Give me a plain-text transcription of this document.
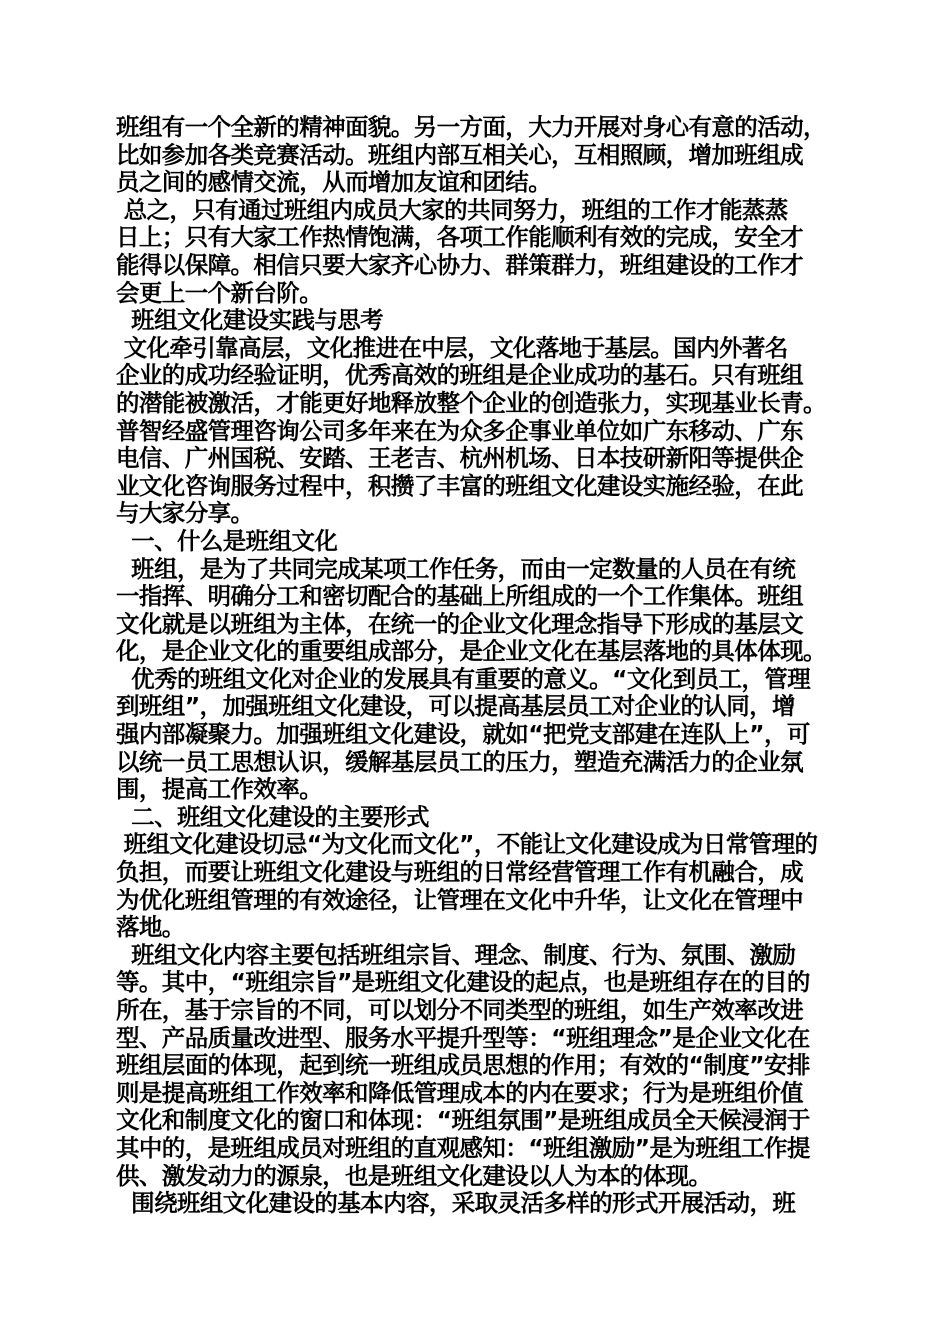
班组有一个全新的精神面貌。另一方面，大力开展对身心有意的活动，
比如参加各类竞赛活动。班组内部互相关心，互相照顾，增加班组成
员之间的感情交流，从而增加友谊和团结。
总之，只有通过班组内成员大家的共同努力，班组的工作才能蒸蒸
日上；只有大家工作热情饱满，各项工作能顺利有效的完成，安全才
能得以保障。相信只要大家齐心协力、群策群力，班组建设的工作才
会更上一个新台阶。
班组文化建设实践与思考
文化牵引靠高层，文化推进在中层，文化落地于基层。国内外著名
企业的成功经验证明，优秀高效的班组是企业成功的基石。只有班组
的潜能被激活，才能更好地释放整个企业的创造张力，实现基业长青。
普智经盛管理咨询公司多年来在为众多企事业单位如广东移动、广东
电信、广州国税、安踏、王老吉、杭州机场、日本技研新阳等提供企
业文化咨询服务过程中，积攒了丰富的班组文化建设实施经验，在此
与大家分享。
一、什么是班组文化
班组，是为了共同完成某项工作任务，而由一定数量的人员在有统
一指挥、明确分工和密切配合的基础上所组成的一个工作集体。班组
文化就是以班组为主体，在统一的企业文化理念指导下形成的基层文
化，是企业文化的重要组成部分，是企业文化在基层落地的具体体现。
优秀的班组文化对企业的发展具有重要的意义。“文化到员工，管理
到班组”，加强班组文化建设，可以提高基层员工对企业的认同，增
强内部凝聚力。加强班组文化建设，就如“把党支部建在连队上”，可
以统一员工思想认识，缓解基层员工的压力，塑造充满活力的企业氛
围，提高工作效率。
二、班组文化建设的主要形式
班组文化建设切忌“为文化而文化”，不能让文化建设成为日常管理的
负担，而要让班组文化建设与班组的日常经营管理工作有机融合，成
为优化班组管理的有效途径，让管理在文化中升华，让文化在管理中
落地。
班组文化内容主要包括班组宗旨、理念、制度、行为、氛围、激励
等。其中，“班组宗旨”是班组文化建设的起点，也是班组存在的目的
所在，基于宗旨的不同，可以划分不同类型的班组，如生产效率改进
型、产品质量改进型、服务水平提升型等：“班组理念”是企业文化在
班组层面的体现，起到统一班组成员思想的作用；有效的“制度”安排
则是提高班组工作效率和降低管理成本的内在要求；行为是班组价值
文化和制度文化的窗口和体现：“班组氛围”是班组成员全天候浸润于
其中的，是班组成员对班组的直观感知：“班组激励”是为班组工作提
供、激发动力的源泉，也是班组文化建设以人为本的体现。
围绕班组文化建设的基本内容，采取灵活多样的形式开展活动，班
